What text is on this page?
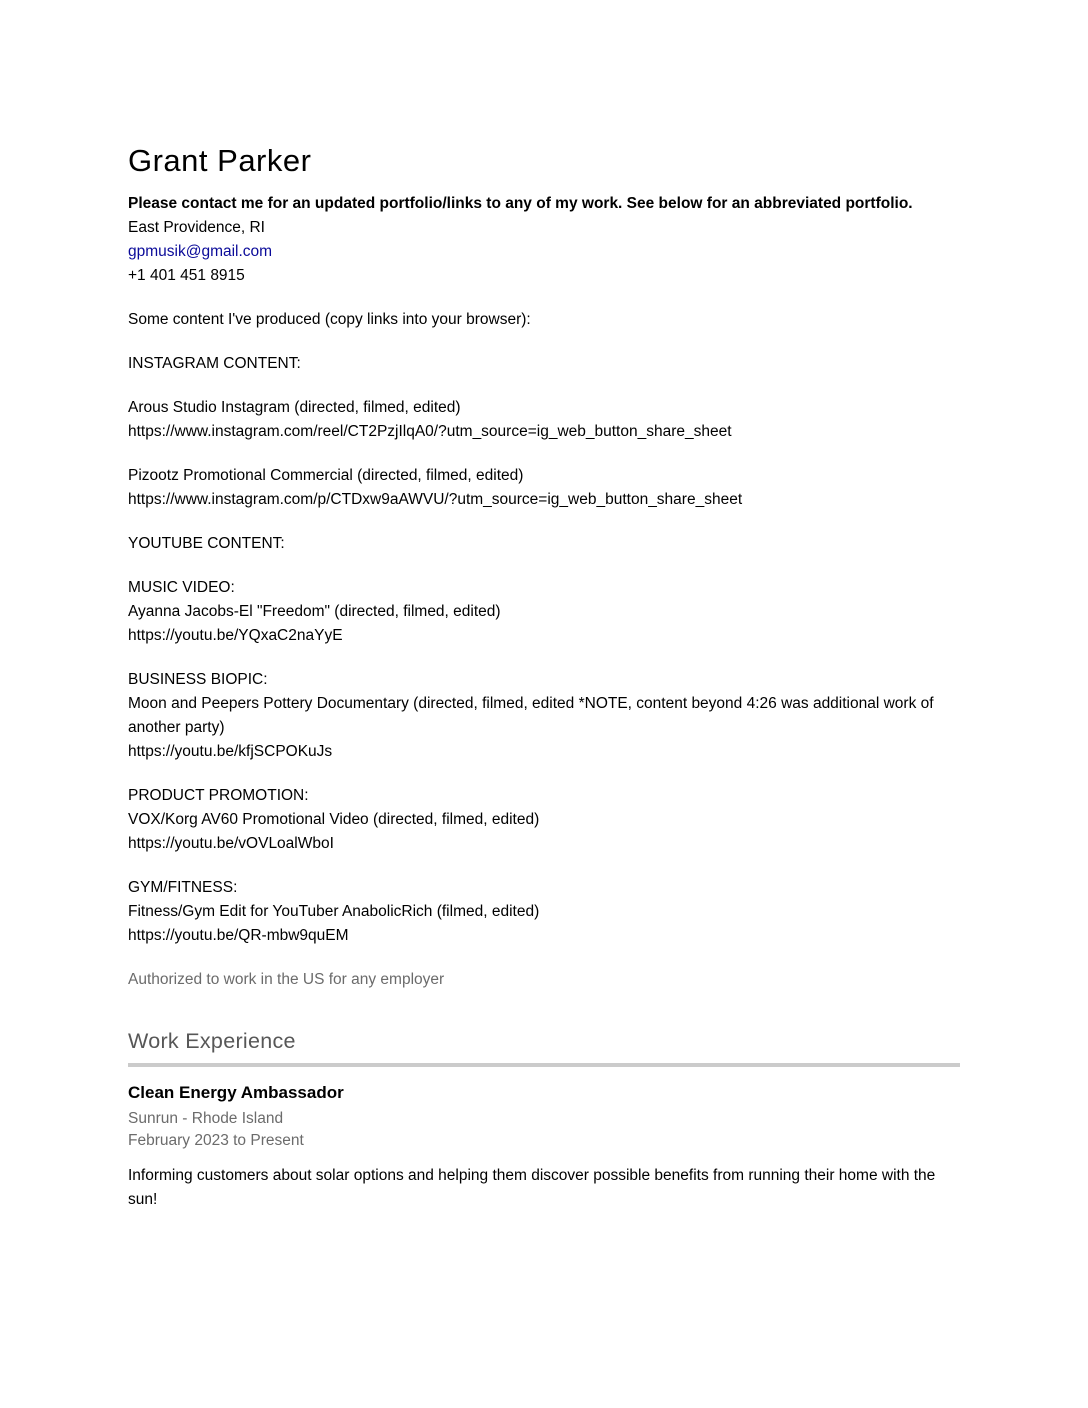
Grant Parker

Please contact me for an updated portfolio/links to any of my work. See below for an abbreviated portfolio.

East Providence, RI
gpmusik@gmail.com
+1 401 451 8915

Some content I've produced (copy links into your browser):

INSTAGRAM CONTENT:

Arous Studio Instagram (directed, filmed, edited)
https://www.instagram.com/reel/CT2PzjIlqA0/?utm_source=ig_web_button_share_sheet

Pizootz Promotional Commercial (directed, filmed, edited)
https://www.instagram.com/p/CTDxw9aAWVU/?utm_source=ig_web_button_share_sheet

YOUTUBE CONTENT:

MUSIC VIDEO:
Ayanna Jacobs-El "Freedom" (directed, filmed, edited)
https://youtu.be/YQxaC2naYyE

BUSINESS BIOPIC:
Moon and Peepers Pottery Documentary (directed, filmed, edited *NOTE, content beyond 4:26 was additional work of another party)
https://youtu.be/kfjSCPOKuJs

PRODUCT PROMOTION:
VOX/Korg AV60 Promotional Video (directed, filmed, edited)
https://youtu.be/vOVLoalWboI

GYM/FITNESS:
Fitness/Gym Edit for YouTuber AnabolicRich (filmed, edited)
https://youtu.be/QR-mbw9quEM

Authorized to work in the US for any employer

Work Experience
Clean Energy Ambassador
Sunrun - Rhode Island
February 2023 to Present

Informing customers about solar options and helping them discover possible benefits from running their home with the sun!
